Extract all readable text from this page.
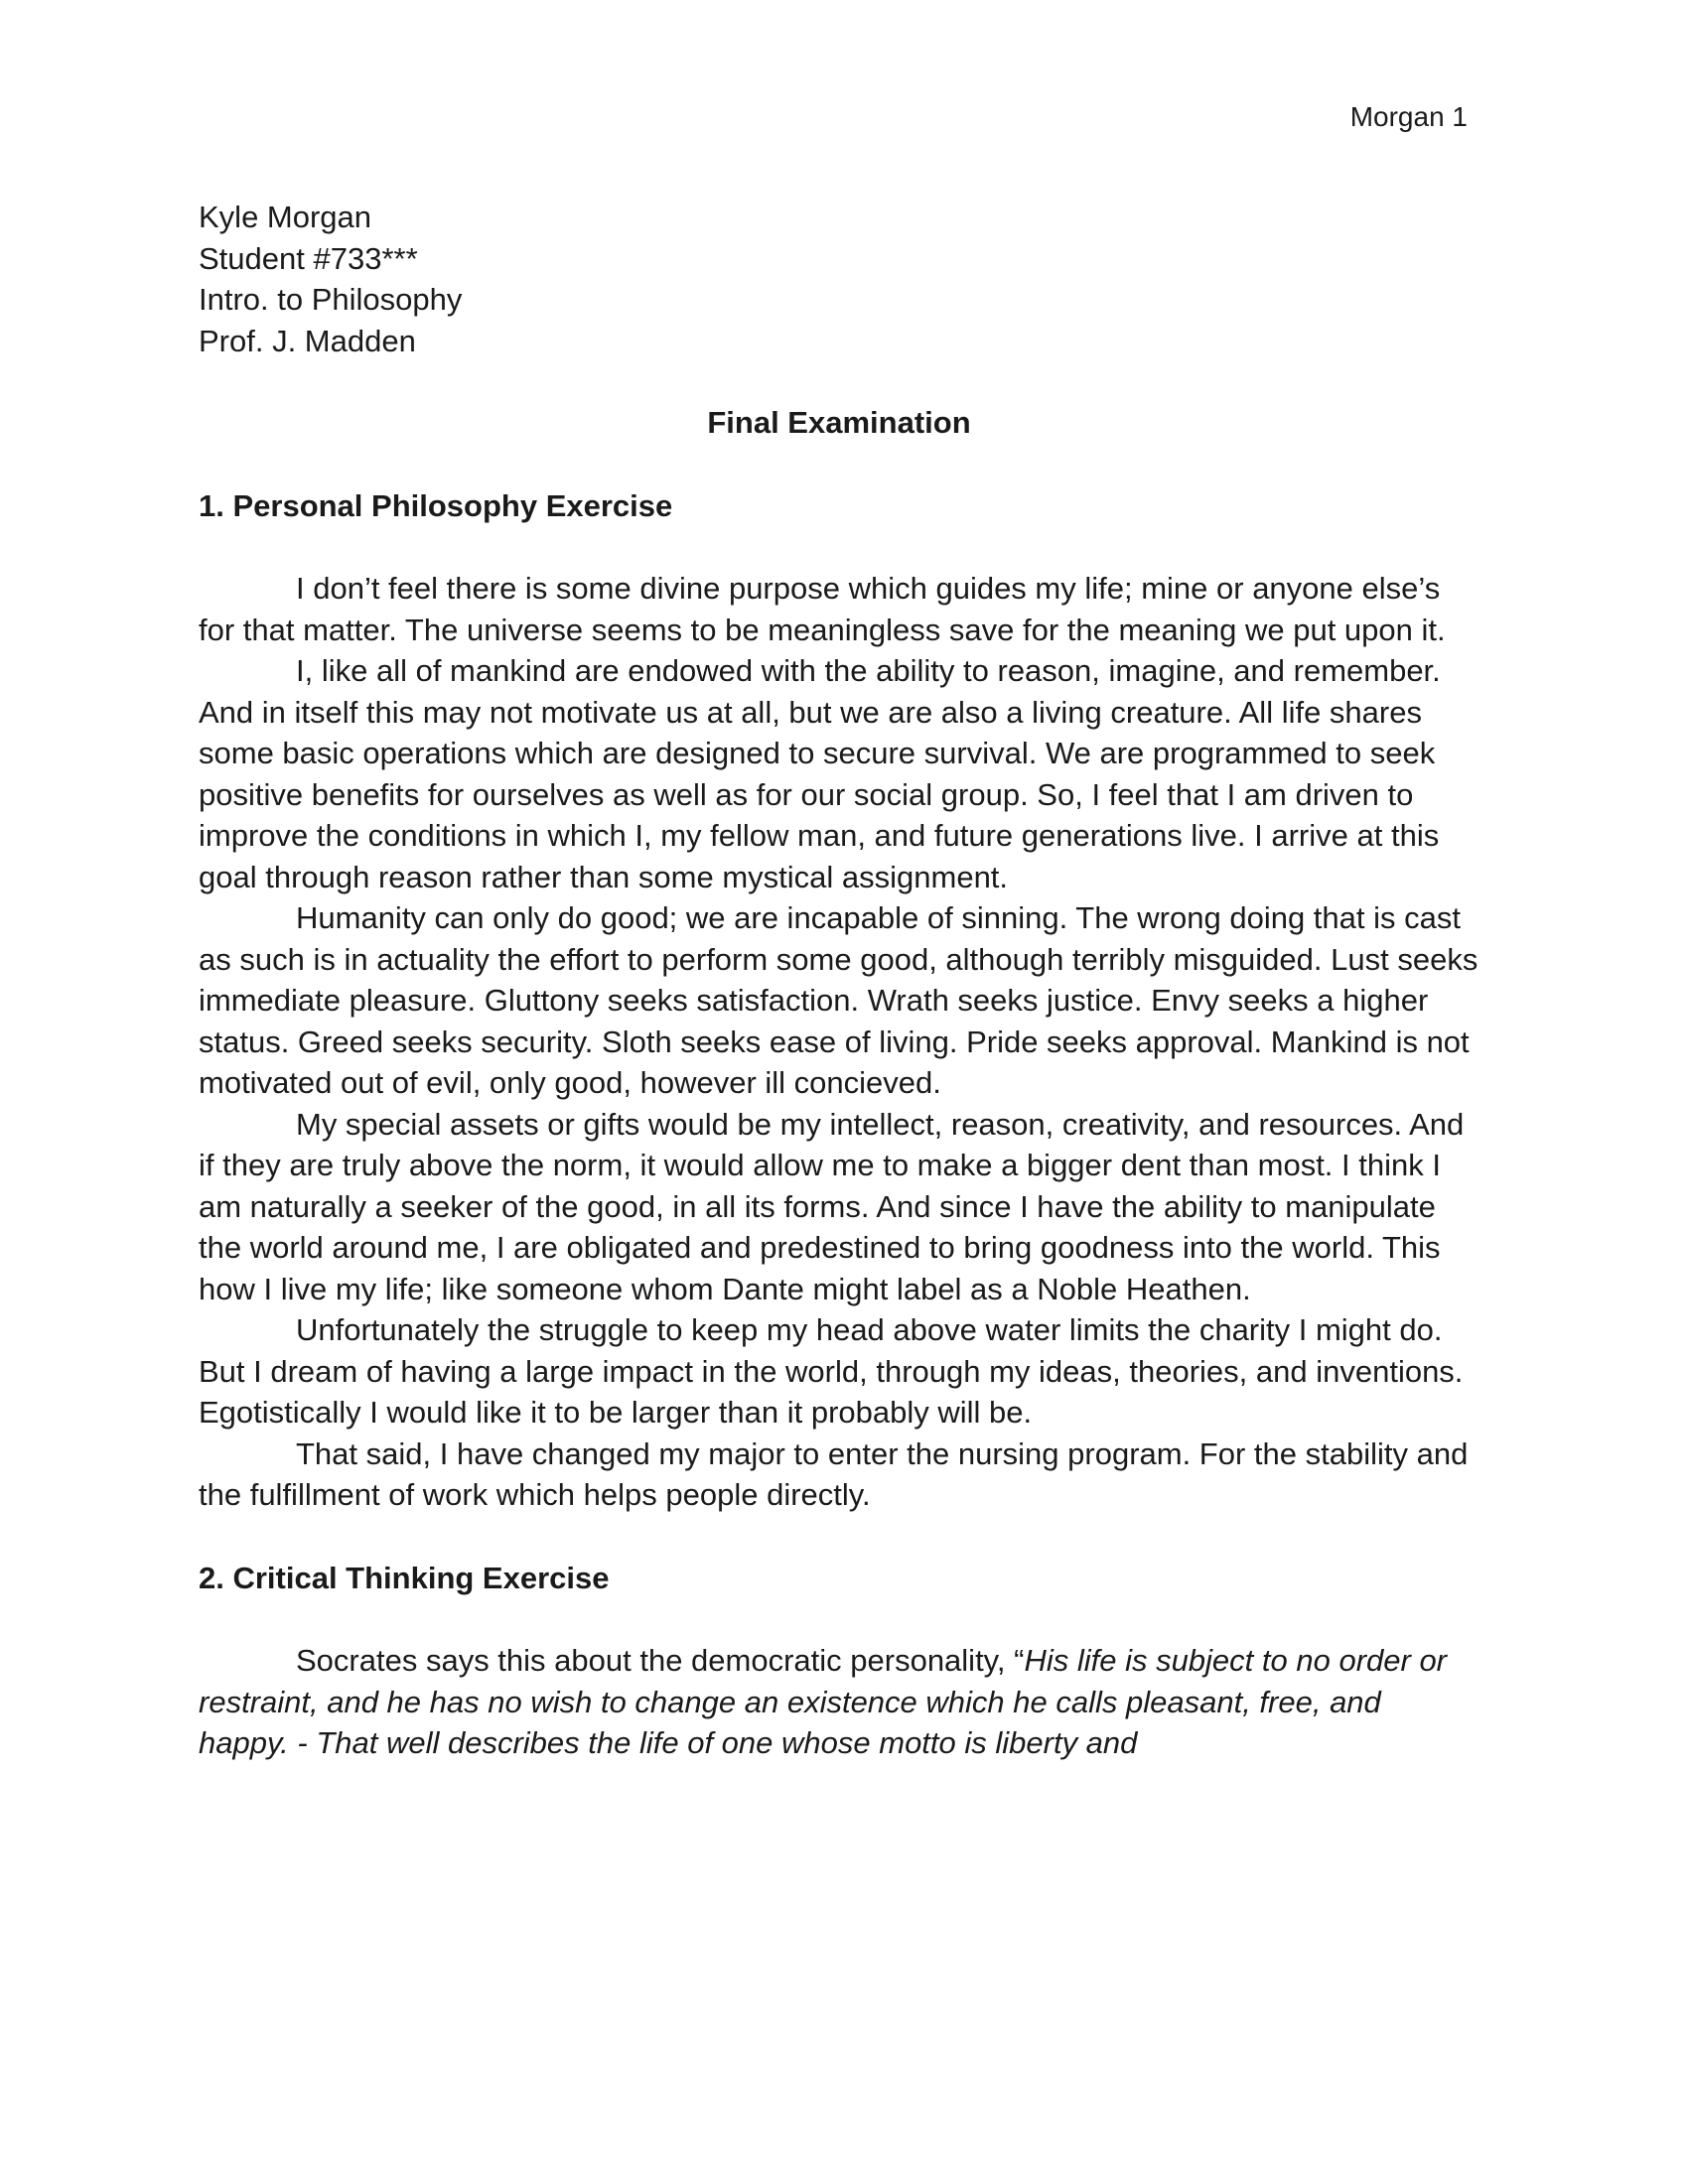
Morgan 1
Kyle Morgan
Student #733***
Intro. to Philosophy
Prof. J. Madden
Final Examination
1. Personal Philosophy Exercise

I don’t feel there is some divine purpose which guides my life; mine or anyone else’s for that matter. The universe seems to be meaningless save for the meaning we put upon it.

I, like all of mankind are endowed with the ability to reason, imagine, and remember. And in itself this may not motivate us at all, but we are also a living creature. All life shares some basic operations which are designed to secure survival. We are programmed to seek positive benefits for ourselves as well as for our social group. So, I feel that I am driven to improve the conditions in which I, my fellow man, and future generations live. I arrive at this goal through reason rather than some mystical assignment.

Humanity can only do good; we are incapable of sinning. The wrong doing that is cast as such is in actuality the effort to perform some good, although terribly misguided. Lust seeks immediate pleasure. Gluttony seeks satisfaction. Wrath seeks justice. Envy seeks a higher status. Greed seeks security. Sloth seeks ease of living. Pride seeks approval. Mankind is not motivated out of evil, only good, however ill concieved.

My special assets or gifts would be my intellect, reason, creativity, and resources. And if they are truly above the norm, it would allow me to make a bigger dent than most. I think I am naturally a seeker of the good, in all its forms. And since I have the ability to manipulate the world around me, I are obligated and predestined to bring goodness into the world. This how I live my life; like someone whom Dante might label as a Noble Heathen.

Unfortunately the struggle to keep my head above water limits the charity I might do. But I dream of having a large impact in the world, through my ideas, theories, and inventions. Egotistically I would like it to be larger than it probably will be.

That said, I have changed my major to enter the nursing program. For the stability and the fulfillment of work which helps people directly.

2. Critical Thinking Exercise

Socrates says this about the democratic personality, “His life is subject to no order or restraint, and he has no wish to change an existence which he calls pleasant, free, and happy. - That well describes the life of one whose motto is liberty and
